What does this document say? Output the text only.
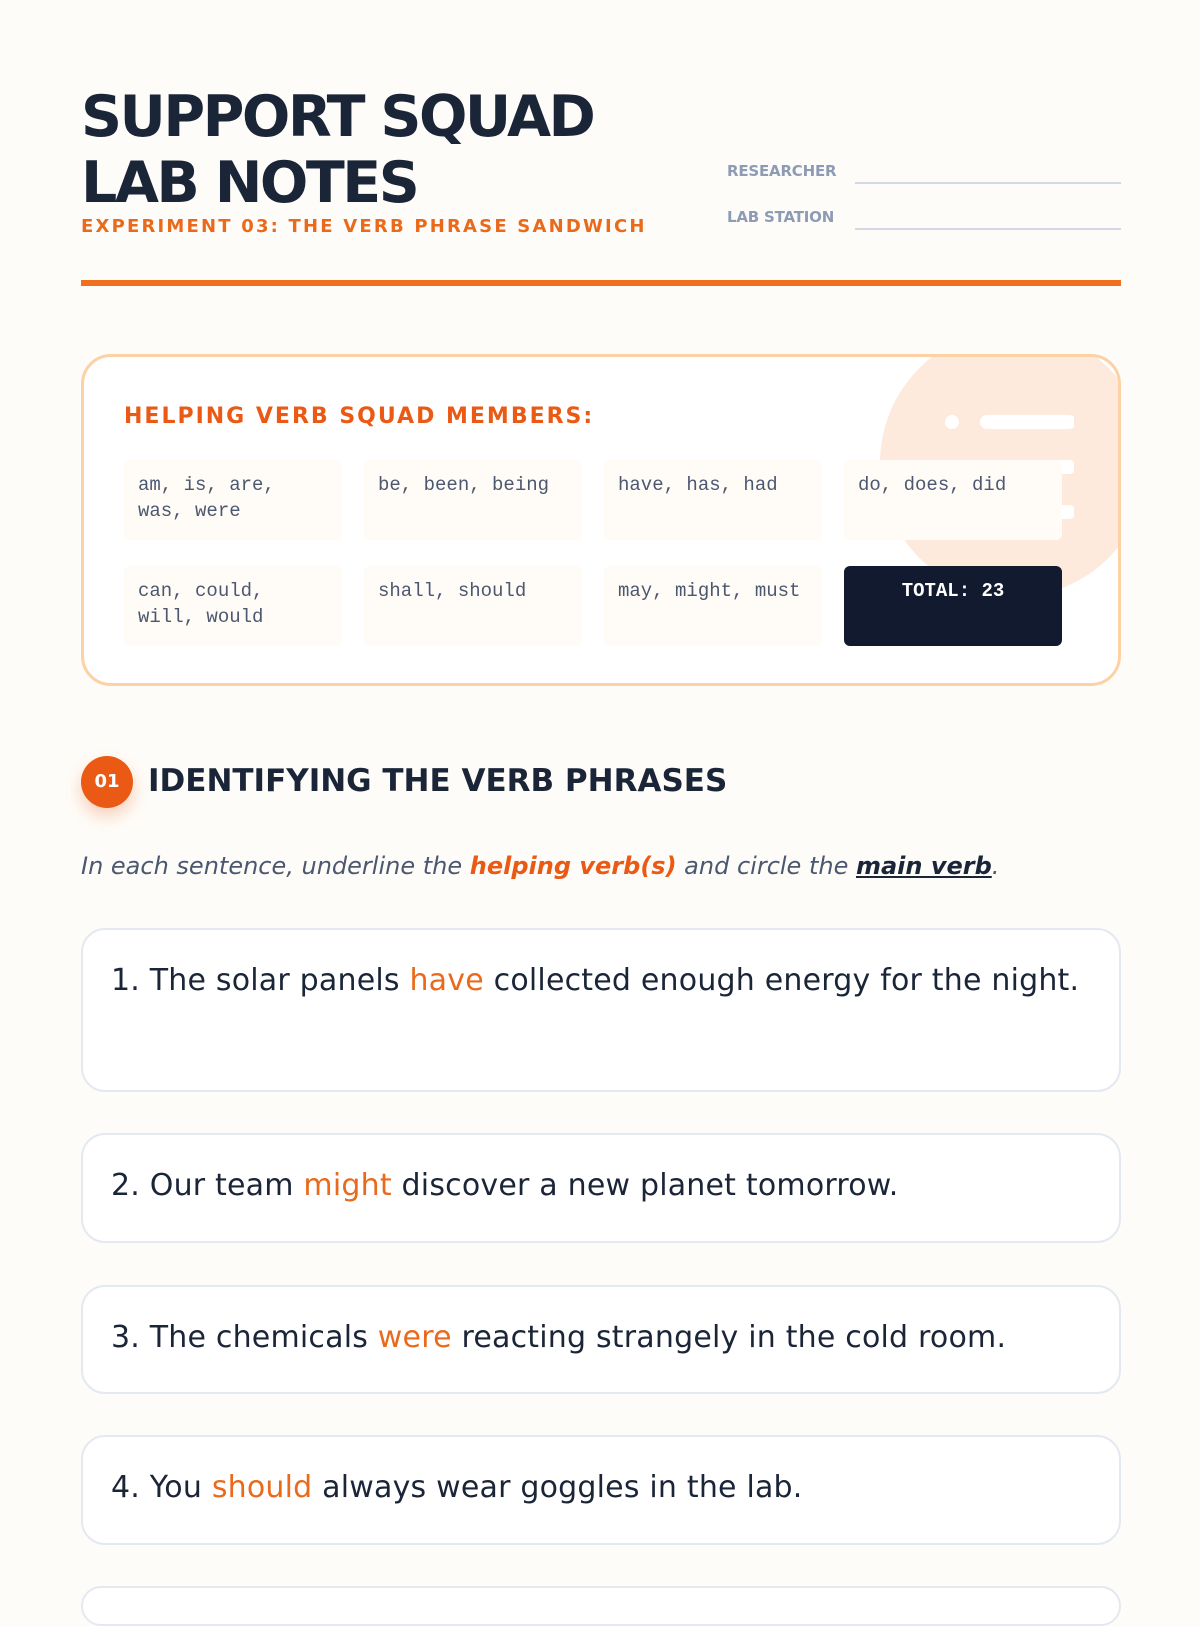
SUPPORT SQUAD
LAB NOTES
EXPERIMENT 03: THE VERB PHRASE SANDWICH
RESEARCHER
LAB STATION
HELPING VERB SQUAD MEMBERS:
am, is, are, was, were
be, been, being	have, has, had	do, does, did
can, could, will, would
shall, should	may, might, must	TOTAL: 23
01 IDENTIFYING THE VERB PHRASES

In each sentence, underline the helping verb(s) and circle the main verb.

1. The solar panels have collected enough energy for the night.
2. Our team might discover a new planet tomorrow.
3. The chemicals were reacting strangely in the cold room.
4. You should always wear goggles in the lab.
